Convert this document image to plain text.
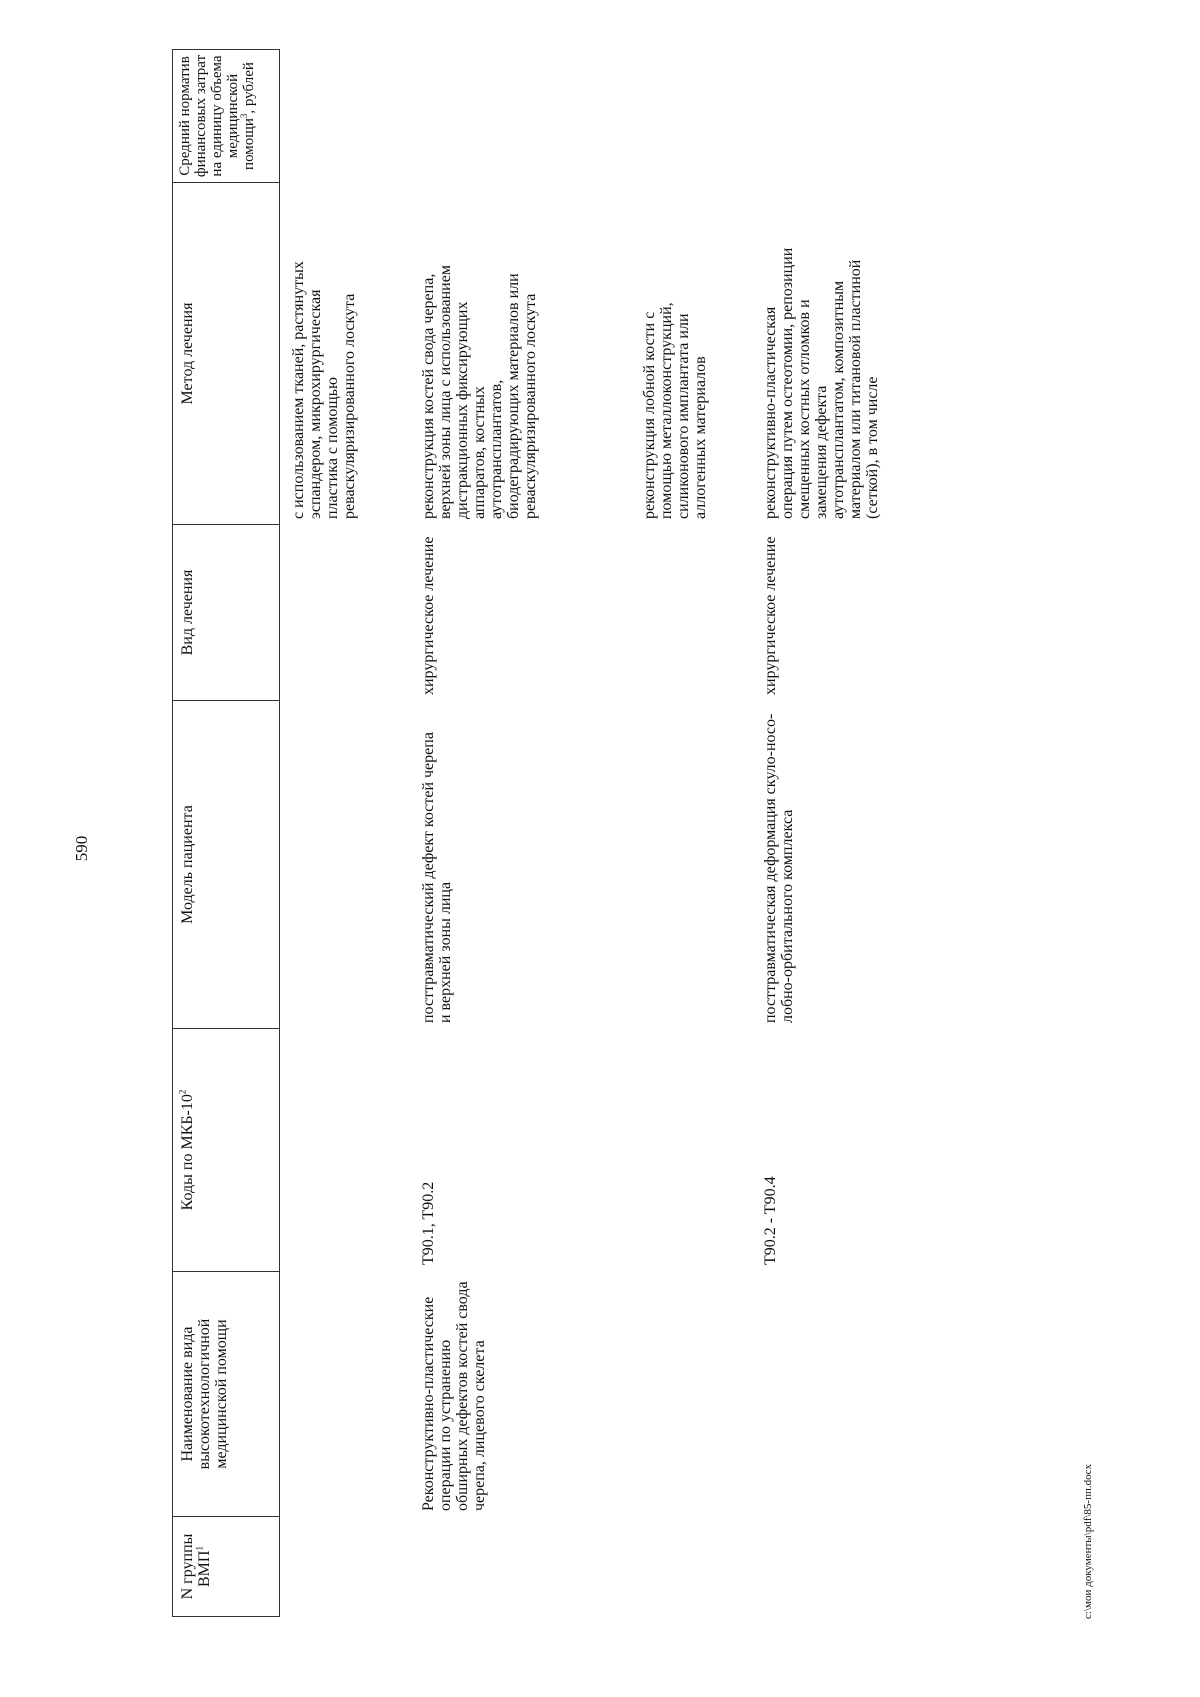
590
N группы ВМП$^1$
Наименование вида высокотехнологичной медицинской помощи
Коды по МКБ-$10^2$
Модель пациента
Вид лечения
Метод лечения
Средний норматив финансовых затрат на единицу объема медицинской помощи$^3$, рублей
с использованием тканей, растянутых эспандером, микрохирургическая пластика с помощью реваскуляризированного лоскута
Реконструктивно-пластические операции по устранению обширных дефектов костей свода черепа, лицевого скелета
T90.1, T90.2
посттравматический дефект костей черепа и верхней зоны лица
хирургическое лечение
реконструкция костей свода черепа, верхней зоны лица с использованием дистракционных фиксирующих аппаратов, костных аутотрансплантатов, биодеградирующих материалов или реваскуляризированного лоскута	реконструкция лобной кости с помощью металлоконструкций, силиконового имплантата или аллогенных материалов
T90.2 - T90.4
посттравматическая деформация скуло-носо-лобно-орбитального комплекса
хирургическое лечение
реконструктивно-пластическая операция путем остеотомии, репозиции смещенных костных отломков и замещения дефекта аутотрансплантатом, композитным материалом или титановой пластиной (сеткой), в том числе
c:\мои документы\pdf\85-пп.docx
